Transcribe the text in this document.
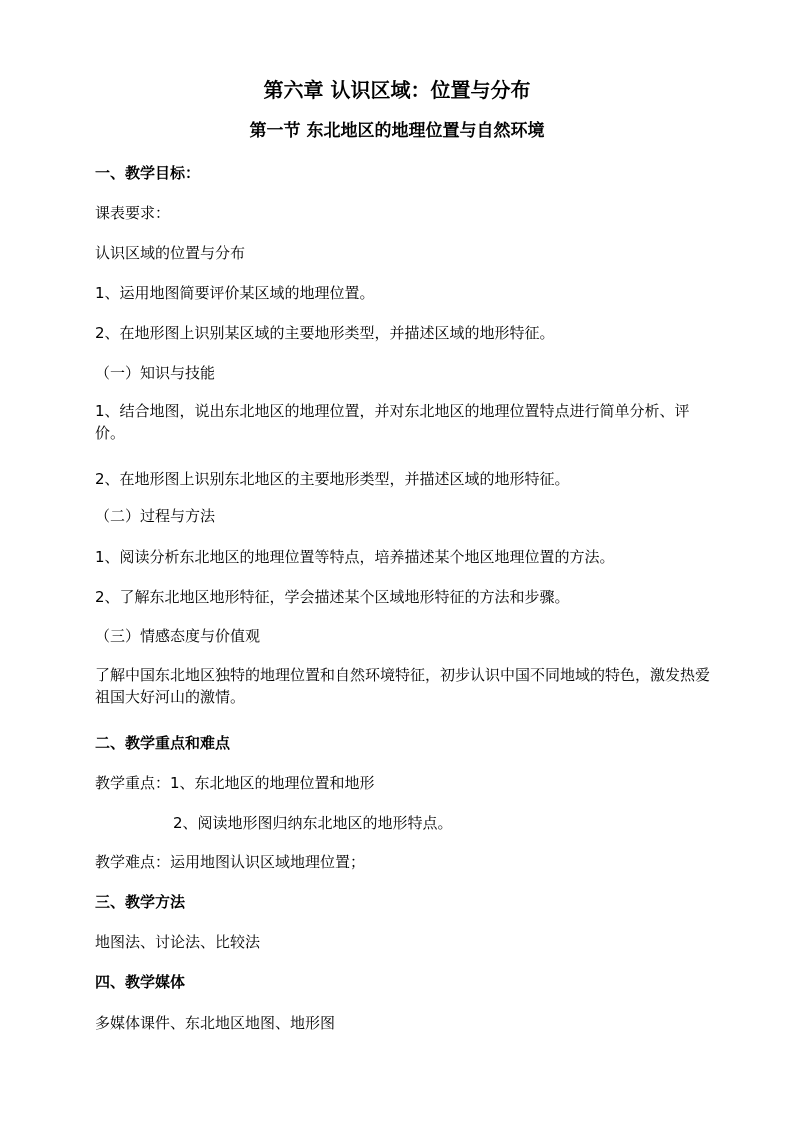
第六章 认识区域：位置与分布
第一节 东北地区的地理位置与自然环境
一、教学目标：
课表要求：
认识区域的位置与分布
1、运用地图简要评价某区域的地理位置。
2、在地形图上识别某区域的主要地形类型，并描述区域的地形特征。
（一）知识与技能
1、结合地图，说出东北地区的地理位置，并对东北地区的地理位置特点进行简单分析、评价。
2、在地形图上识别东北地区的主要地形类型，并描述区域的地形特征。
（二）过程与方法
1、阅读分析东北地区的地理位置等特点，培养描述某个地区地理位置的方法。
2、了解东北地区地形特征，学会描述某个区域地形特征的方法和步骤。
（三）情感态度与价值观
了解中国东北地区独特的地理位置和自然环境特征，初步认识中国不同地域的特色，激发热爱祖国大好河山的激情。
二、教学重点和难点
教学重点：1、东北地区的地理位置和地形
2、阅读地形图归纳东北地区的地形特点。
教学难点：运用地图认识区域地理位置；
三、教学方法
地图法、讨论法、比较法
四、教学媒体
多媒体课件、东北地区地图、地形图
